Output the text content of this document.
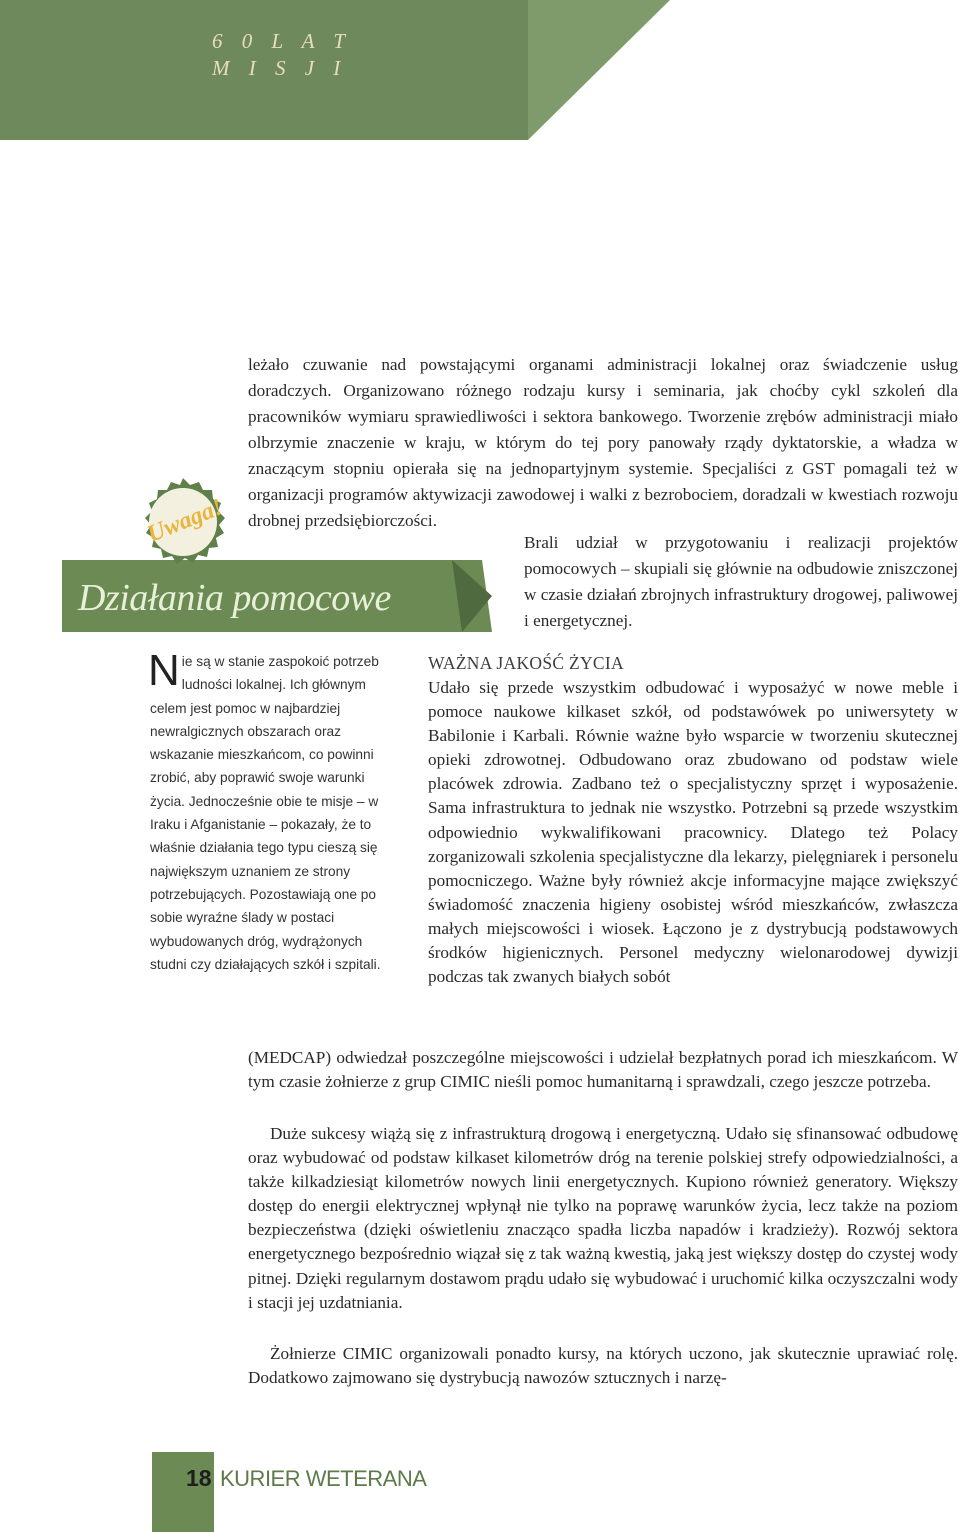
6 0 L A T
M I S J I

leżało czuwanie nad powstającymi organami administracji lokalnej oraz świadczenie usług doradczych. Organizowano różnego rodzaju kursy i seminaria, jak choćby cykl szkoleń dla pracowników wymiaru sprawiedliwości i sektora bankowego. Tworzenie zrębów administracji miało olbrzymie znaczenie w kraju, w którym do tej pory panowały rządy dyktatorskie, a władza w znaczącym stopniu opierała się na jednopartyjnym systemie. Specjaliści z GST pomagali też w organizacji programów aktywizacji zawodowej i walki z bezrobociem, doradzali w kwestiach rozwoju drobnej przedsiębiorczości.

Działania pomocowe
Uwaga!	Brali udział w przygotowaniu i realizacji projektów pomocowych – skupiali się głównie na odbudowie zniszczonej w czasie działań zbrojnych infrastruktury drogowej, paliwowej i energetycznej.

Nie są w stanie zaspokoić potrzeb ludności lokalnej. Ich głównym celem jest pomoc w najbardziej newralgicznych obszarach oraz wskazanie mieszkańcom, co powinni zrobić, aby poprawić swoje warunki życia. Jednocześnie obie te misje – w Iraku i Afganistanie – pokazały, że to właśnie działania tego typu cieszą się największym uznaniem ze strony potrzebujących. Pozostawiają one po sobie wyraźne ślady w postaci wybudowanych dróg, wydrążonych studni czy działających szkół i szpitali.
WAŻNA JAKOŚĆ ŻYCIA

Udało się przede wszystkim odbudować i wyposażyć w nowe meble i pomoce naukowe kilkaset szkół, od podstawówek po uniwersytety w Babilonie i Karbali. Równie ważne było wsparcie w tworzeniu skutecznej opieki zdrowotnej. Odbudowano oraz zbudowano od podstaw wiele placówek zdrowia. Zadbano też o specjalistyczny sprzęt i wyposażenie. Sama infrastruktura to jednak nie wszystko. Potrzebni są przede wszystkim odpowiednio wykwalifikowani pracownicy. Dlatego też Polacy zorganizowali szkolenia specjalistyczne dla lekarzy, pielęgniarek i personelu pomocniczego. Ważne były również akcje informacyjne mające zwiększyć świadomość znaczenia higieny osobistej wśród mieszkańców, zwłaszcza małych miejscowości i wiosek. Łączono je z dystrybucją podstawowych środków higienicznych. Personel medyczny wielonarodowej dywizji podczas tak zwanych białych sobót

(MEDCAP) odwiedzał poszczególne miejscowości i udzielał bezpłatnych porad ich mieszkańcom. W tym czasie żołnierze z grup CIMIC nieśli pomoc humanitarną i sprawdzali, czego jeszcze potrzeba.

Duże sukcesy wiążą się z infrastrukturą drogową i energetyczną. Udało się sfinansować odbudowę oraz wybudować od podstaw kilkaset kilometrów dróg na terenie polskiej strefy odpowiedzialności, a także kilkadziesiąt kilometrów nowych linii energetycznych. Kupiono również generatory. Większy dostęp do energii elektrycznej wpłynął nie tylko na poprawę warunków życia, lecz także na poziom bezpieczeństwa (dzięki oświetleniu znacząco spadła liczba napadów i kradzieży). Rozwój sektora energetycznego bezpośrednio wiązał się z tak ważną kwestią, jaką jest większy dostęp do czystej wody pitnej. Dzięki regularnym dostawom prądu udało się wybudować i uruchomić kilka oczyszczalni wody i stacji jej uzdatniania.

Żołnierze CIMIC organizowali ponadto kursy, na których uczono, jak skutecznie uprawiać rolę. Dodatkowo zajmowano się dystrybucją nawozów sztucznych i narzę-

18 KURIER WETERANA
